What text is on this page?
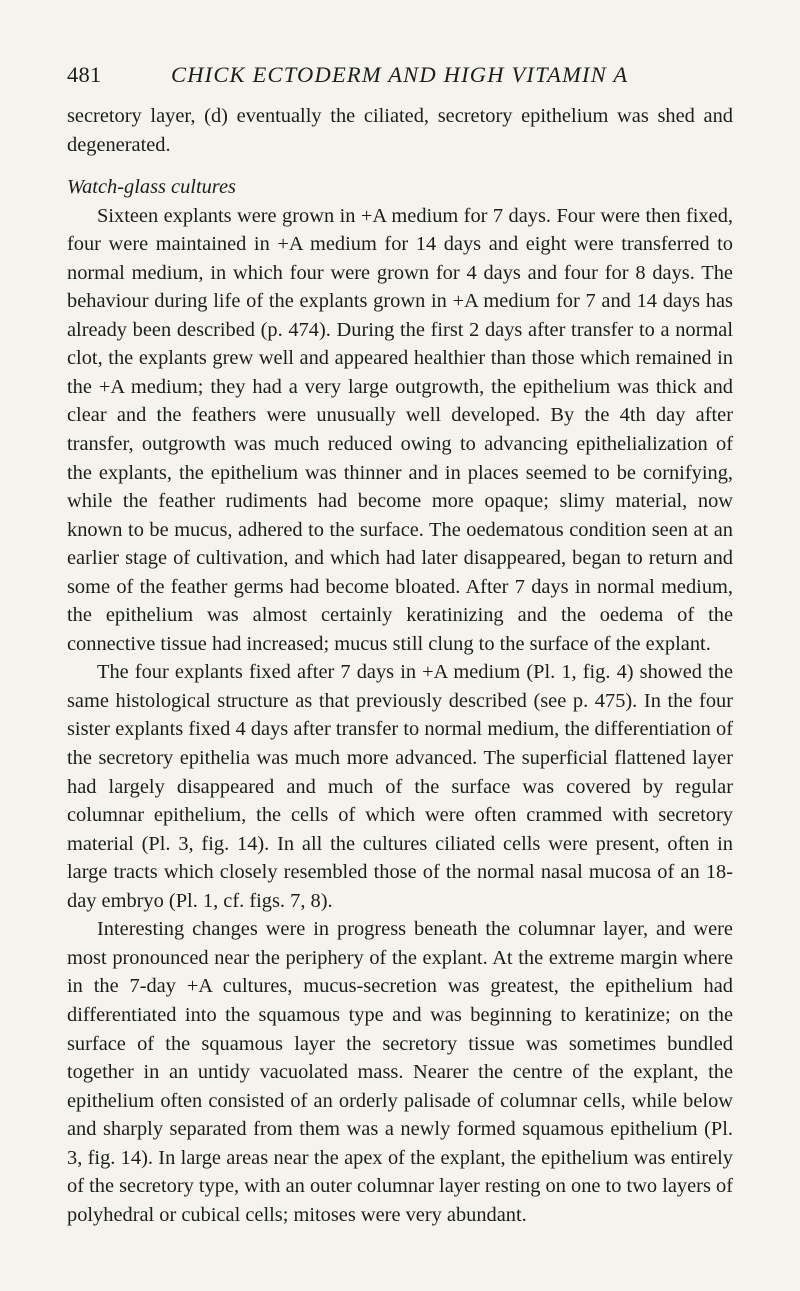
481	CHICK ECTODERM AND HIGH VITAMIN A

secretory layer, (d) eventually the ciliated, secretory epithelium was shed and degenerated.

Watch-glass cultures

Sixteen explants were grown in +A medium for 7 days. Four were then fixed, four were maintained in +A medium for 14 days and eight were transferred to normal medium, in which four were grown for 4 days and four for 8 days. The behaviour during life of the explants grown in +A medium for 7 and 14 days has already been described (p. 474). During the first 2 days after transfer to a normal clot, the explants grew well and appeared healthier than those which remained in the +A medium; they had a very large outgrowth, the epithelium was thick and clear and the feathers were unusually well developed. By the 4th day after transfer, outgrowth was much reduced owing to advancing epithelialization of the explants, the epithelium was thinner and in places seemed to be cornifying, while the feather rudiments had become more opaque; slimy material, now known to be mucus, adhered to the surface. The oedematous condition seen at an earlier stage of cultivation, and which had later disappeared, began to return and some of the feather germs had become bloated. After 7 days in normal medium, the epithelium was almost certainly keratinizing and the oedema of the connective tissue had increased; mucus still clung to the surface of the explant.

The four explants fixed after 7 days in +A medium (Pl. 1, fig. 4) showed the same histological structure as that previously described (see p. 475). In the four sister explants fixed 4 days after transfer to normal medium, the differentiation of the secretory epithelia was much more advanced. The superficial flattened layer had largely disappeared and much of the surface was covered by regular columnar epithelium, the cells of which were often crammed with secretory material (Pl. 3, fig. 14). In all the cultures ciliated cells were present, often in large tracts which closely resembled those of the normal nasal mucosa of an 18-day embryo (Pl. 1, cf. figs. 7, 8).

Interesting changes were in progress beneath the columnar layer, and were most pronounced near the periphery of the explant. At the extreme margin where in the 7-day +A cultures, mucus-secretion was greatest, the epithelium had differentiated into the squamous type and was beginning to keratinize; on the surface of the squamous layer the secretory tissue was sometimes bundled together in an untidy vacuolated mass. Nearer the centre of the explant, the epithelium often consisted of an orderly palisade of columnar cells, while below and sharply separated from them was a newly formed squamous epithelium (Pl. 3, fig. 14). In large areas near the apex of the explant, the epithelium was entirely of the secretory type, with an outer columnar layer resting on one to two layers of polyhedral or cubical cells; mitoses were very abundant.
